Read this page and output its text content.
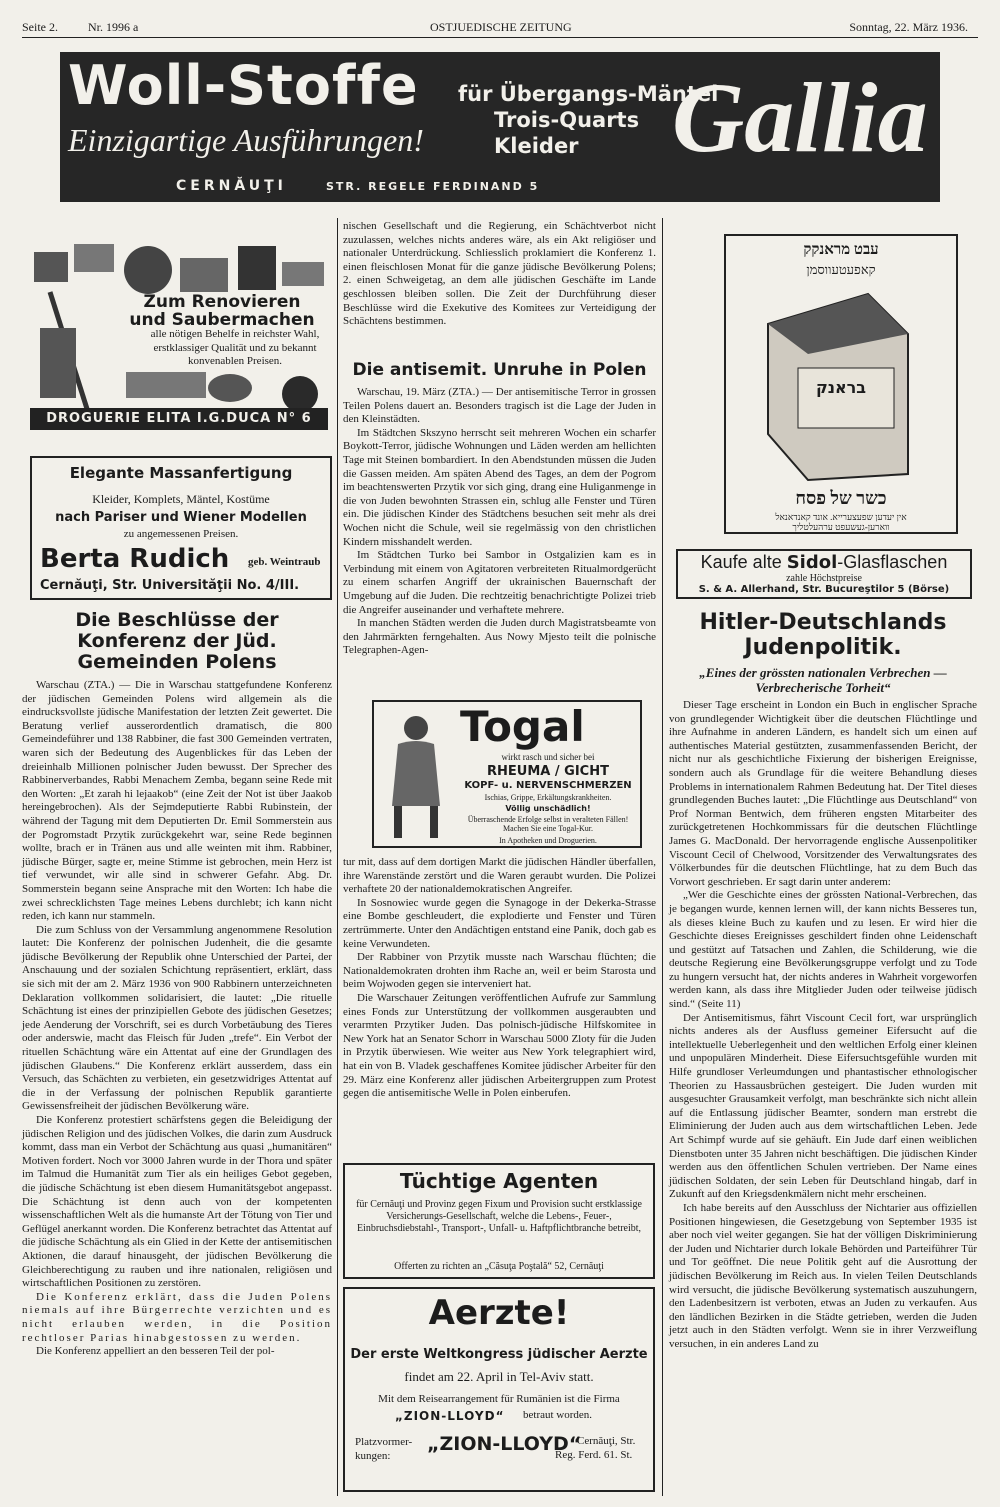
Seite 2.	Nr. 1996 a	OSTJUEDISCHE ZEITUNG	Sonntag, 22. März 1936.
Woll-Stoffe
Einzigartige Ausführungen!
für Übergangs-Mäntel
Trois-Quarts
Kleider Gallia
CERNĂUŢI	STR. REGELE FERDINAND 5
Zum Renovieren
und Saubermachen
alle nötigen Behelfe in reichster Wahl, erstklassiger Qualität und zu bekannt konvenablen Preisen.
DROGUERIE ELITA I.G.DUCA N° 6
Elegante Massanfertigung
Kleider, Komplets, Mäntel, Kostüme
nach Pariser und Wiener Modellen
zu angemessenen Preisen.
Berta Rudich geb. Weintraub
Cernăuţi, Str. Universităţii No. 4/III.
Die Beschlüsse der Konferenz der Jüd. Gemeinden Polens

Warschau (ZTA.) — Die in Warschau stattgefundene Konferenz der jüdischen Gemeinden Polens wird allgemein als die eindrucksvollste jüdische Manifestation der letzten Zeit gewertet. Die Beratung verlief ausserordentlich dramatisch, die 800 Gemeindeführer und 138 Rabbiner, die fast 300 Gemeinden vertraten, waren sich der Bedeutung des Augenblickes für das Leben der dreieinhalb Millionen polnischer Juden bewusst. Der Sprecher des Rabbinerverbandes, Rabbi Menachem Zemba, begann seine Rede mit den Worten: „Et zarah hi lejaakob“ (eine Zeit der Not ist über Jaakob hereingebrochen). Als der Sejmdeputierte Rabbi Rubinstein, der während der Tagung mit dem Deputierten Dr. Emil Sommerstein aus der Pogromstadt Przytik zurückgekehrt war, seine Rede beginnen wollte, brach er in Tränen aus und alle weinten mit ihm. Rabbiner, jüdische Bürger, sagte er, meine Stimme ist gebrochen, mein Herz ist tief verwundet, wir alle sind in schwerer Gefahr. Abg. Dr. Sommerstein begann seine Ansprache mit den Worten: Ich habe die zwei schrecklichsten Tage meines Lebens durchlebt; ich kann nicht reden, ich kann nur stammeln.

Die zum Schluss von der Versammlung angenommene Resolution lautet: Die Konferenz der polnischen Judenheit, die die gesamte jüdische Bevölkerung der Republik ohne Unterschied der Partei, der Anschauung und der sozialen Schichtung repräsentiert, erklärt, dass sie sich mit der am 2. März 1936 von 900 Rabbinern unterzeichneten Deklaration vollkommen solidarisiert, die lautet: „Die rituelle Schächtung ist eines der prinzipiellen Gebote des jüdischen Gesetzes; jede Aenderung der Vorschrift, sei es durch Vorbetäubung des Tieres oder anderswie, macht das Fleisch für Juden „trefe“. Ein Verbot der rituellen Schächtung wäre ein Attentat auf eine der Grundlagen des jüdischen Glaubens.“ Die Konferenz erklärt ausserdem, dass ein Versuch, das Schächten zu verbieten, ein gesetzwidriges Attentat auf die in der Verfassung der polnischen Republik garantierte Gewissensfreiheit der jüdischen Bevölkerung wäre.

Die Konferenz protestiert schärfstens gegen die Beleidigung der jüdischen Religion und des jüdischen Volkes, die darin zum Ausdruck kommt, dass man ein Verbot der Schächtung aus quasi „humanitären“ Motiven fordert. Noch vor 3000 Jahren wurde in der Thora und später im Talmud die Humanität zum Tier als ein heiliges Gebot gegeben, die jüdische Schächtung ist eben diesem Humanitätsgebot angepasst. Die Schächtung ist denn auch von der kompetenten wissenschaftlichen Welt als die humanste Art der Tötung von Tier und Geflügel anerkannt worden. Die Konferenz betrachtet das Attentat auf die jüdische Schächtung als ein Glied in der Kette der antisemitischen Aktionen, die darauf hinausgeht, der jüdischen Bevölkerung die Gleichberechtigung zu rauben und ihre nationalen, religiösen und wirtschaftlichen Positionen zu zerstören.

Die Konferenz erklärt, dass die Juden Polens niemals auf ihre Bürgerrechte verzichten und es nicht erlauben werden, in die Position rechtloser Parias hinabgestossen zu werden.

Die Konferenz appelliert an den besseren Teil der pol-

nischen Gesellschaft und die Regierung, ein Schächtverbot nicht zuzulassen, welches nichts anderes wäre, als ein Akt religiöser und nationaler Unterdrückung. Schliesslich proklamiert die Konferenz 1. einen fleischlosen Monat für die ganze jüdische Bevölkerung Polens; 2. einen Schweigetag, an dem alle jüdischen Geschäfte im Lande geschlossen bleiben sollen. Die Zeit der Durchführung dieser Beschlüsse wird die Exekutive des Komitees zur Verteidigung der Schächtens bestimmen.

Die antisemit. Unruhe in Polen

Warschau, 19. März (ZTA.) — Der antisemitische Terror in grossen Teilen Polens dauert an. Besonders tragisch ist die Lage der Juden in den Kleinstädten.

Im Städtchen Skszyno herrscht seit mehreren Wochen ein scharfer Boykott-Terror, jüdische Wohnungen und Läden werden am hellichten Tage mit Steinen bombardiert. In den Abendstunden müssen die Juden die Gassen meiden. Am späten Abend des Tages, an dem der Pogrom im beachtenswerten Przytik vor sich ging, drang eine Huliganmenge in die von Juden bewohnten Strassen ein, schlug alle Fenster und Türen ein. Die jüdischen Kinder des Städtchens besuchen seit mehr als drei Wochen nicht die Schule, weil sie regelmässig von den christlichen Kindern misshandelt werden.

Im Städtchen Turko bei Sambor in Ostgalizien kam es in Verbindung mit einem von Agitatoren verbreiteten Ritualmordgerücht zu einem scharfen Angriff der ukrainischen Bauernschaft der Umgebung auf die Juden. Die rechtzeitig benachrichtigte Polizei trieb die Angreifer auseinander und verhaftete mehrere.

In manchen Städten werden die Juden durch Magistratsbeamte von den Jahrmärkten ferngehalten. Aus Nowy Mjesto teilt die polnische Telegraphen-Agen-

Togal
wirkt rasch und sicher bei
RHEUMA / GICHT
KOPF- u. NERVENSCHMERZEN
Ischias, Grippe, Erkältungskrankheiten.
Völlig unschädlich!
Überraschende Erfolge selbst in veralteten Fällen! Machen Sie eine Togal-Kur.
In Apotheken und Droguerien.

tur mit, dass auf dem dortigen Markt die jüdischen Händler überfallen, ihre Warenstände zerstört und die Waren geraubt wurden. Die Polizei verhaftete 20 der nationaldemokratischen Angreifer.

In Sosnowiec wurde gegen die Synagoge in der Dekerka-Strasse eine Bombe geschleudert, die explodierte und Fenster und Türen zertrümmerte. Unter den Andächtigen entstand eine Panik, doch gab es keine Verwundeten.

Der Rabbiner von Przytik musste nach Warschau flüchten; die Nationaldemokraten drohten ihm Rache an, weil er beim Starosta und beim Wojwoden gegen sie interveniert hat.

Die Warschauer Zeitungen veröffentlichen Aufrufe zur Sammlung eines Fonds zur Unterstützung der vollkommen ausgeraubten und verarmten Przytiker Juden. Das polnisch-jüdische Hilfskomitee in New York hat an Senator Schorr in Warschau 5000 Zloty für die Juden in Przytik überwiesen. Wie weiter aus New York telegraphiert wird, hat ein von B. Vladek geschaffenes Komitee jüdischer Arbeiter für den 29. März eine Konferenz aller jüdischen Arbeitergruppen zum Protest gegen die antisemitische Welle in Polen einberufen.

Tüchtige Agenten
für Cernăuţi und Provinz gegen Fixum und Provision sucht erstklassige Versicherungs-Gesellschaft, welche die Lebens-, Feuer-, Einbruchsdiebstahl-, Transport-, Unfall- u. Haftpflichtbranche betreibt,
Offerten zu richten an „Căsuţa Poştală“ 52, Cernăuţi
Aerzte!
Der erste Weltkongress jüdischer Aerzte
findet am 22. April in Tel-Aviv statt.
Mit dem Reisearrangement für Rumänien ist die Firma
„ZION-LLOYD“ betraut worden.
Platzvormer-kungen:
„ZION-LLOYD“
Cernăuţi, Str.
Reg. Ferd. 61. St.
עבט מראנקק
קאפעטעווסמן
בראנק
כשר של פסח
אין יעדען שפעצערייא. אונד קאנדאנאל
ווארען-געשעפט ערהעלטליך
Kaufe alte Sidol-Glasflaschen
zahle Höchstpreise
S. & A. Allerhand, Str. Bucureştilor 5 (Börse)
Hitler-Deutschlands Judenpolitik.
„Eines der grössten nationalen Verbrechen — Verbrecherische Torheit“

Dieser Tage erscheint in London ein Buch in englischer Sprache von grundlegender Wichtigkeit über die deutschen Flüchtlinge und ihre Aufnahme in anderen Ländern, es handelt sich um einen auf authentisches Material gestützten, zusammenfassenden Bericht, der nicht nur als geschichtliche Fixierung der bisherigen Ereignisse, sondern auch als Grundlage für die weitere Behandlung dieses Problems in internationalem Rahmen Bedeutung hat. Der Titel dieses grundlegenden Buches lautet: „Die Flüchtlinge aus Deutschland“ von Prof Norman Bentwich, dem früheren engsten Mitarbeiter des zurückgetretenen Hochkommissars für die deutschen Flüchtlinge James G. MacDonald. Der hervorragende englische Aussenpolitiker Viscount Cecil of Chelwood, Vorsitzender des Verwaltungsrates des Völkerbundes für die deutschen Flüchtlinge, hat zu dem Buch das Vorwort geschrieben. Er sagt darin unter anderem:

„Wer die Geschichte eines der grössten National-Verbrechen, das je begangen wurde, kennen lernen will, der kann nichts Besseres tun, als dieses kleine Buch zu kaufen und zu lesen. Er wird hier die Geschichte dieses Ereignisses geschildert finden ohne Leidenschaft und gestützt auf Tatsachen und Zahlen, die Schilderung, wie die deutsche Regierung eine Bevölkerungsgruppe verfolgt und zu Tode zu hungern versucht hat, der nichts anderes in Wahrheit vorgeworfen werden kann, als dass ihre Mitglieder Juden oder teilweise jüdisch sind.“ (Seite 11)

Der Antisemitismus, fährt Viscount Cecil fort, war ursprünglich nichts anderes als der Ausfluss gemeiner Eifersucht auf die intellektuelle Ueberlegenheit und den weltlichen Erfolg einer kleinen und unpopulären Minderheit. Diese Eifersuchtsgefühle wurden mit Hilfe grundloser Verleumdungen und phantastischer ethnologischer Theorien zu Hassausbrüchen gesteigert. Die Juden wurden mit ausgesuchter Grausamkeit verfolgt, man beschränkte sich nicht allein auf die Entlassung jüdischer Beamter, sondern man erstrebt die Eliminierung der Juden auch aus dem wirtschaftlichen Leben. Jede Art Schimpf wurde auf sie gehäuft. Ein Jude darf einen weiblichen Dienstboten unter 35 Jahren nicht beschäftigen. Die jüdischen Kinder werden aus den öffentlichen Schulen vertrieben. Der Name eines jüdischen Soldaten, der sein Leben für Deutschland hingab, darf in Zukunft auf den Kriegsdenkmälern nicht mehr erscheinen.

Ich habe bereits auf den Ausschluss der Nichtarier aus offiziellen Positionen hingewiesen, die Gesetzgebung von September 1935 ist aber noch viel weiter gegangen. Sie hat der völligen Diskriminierung der Juden und Nichtarier durch lokale Behörden und Parteiführer Tür und Tor geöffnet. Die neue Politik geht auf die Ausrottung der jüdischen Bevölkerung im Reich aus. In vielen Teilen Deutschlands wird versucht, die jüdische Bevölkerung systematisch auszuhungern, den Ladenbesitzern ist verboten, etwas an Juden zu verkaufen. Aus den ländlichen Bezirken in die Städte getrieben, werden die Juden jetzt auch in den Städten verfolgt. Wenn sie in ihrer Verzweiflung versuchen, in ein anderes Land zu
